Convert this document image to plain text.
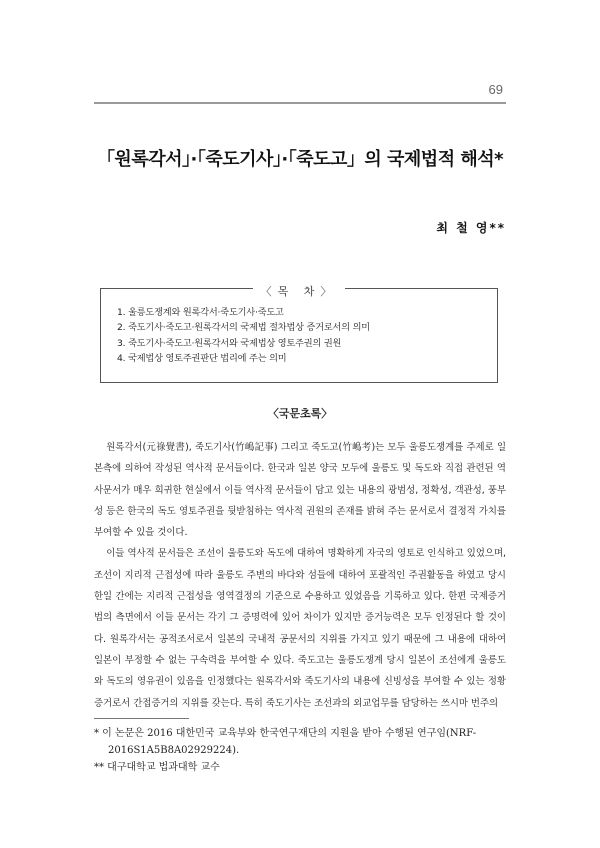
69
「원록각서」·「죽도기사」·「죽도고」의 국제법적 해석*
최 철 영**
〈목 차〉
1. 울릉도쟁계와 원록각서·죽도기사·죽도고
2. 죽도기사·죽도고·원록각서의 국제법 절차법상 증거로서의 의미
3. 죽도기사·죽도고·원록각서와 국제법상 영토주권의 권원
4. 국제법상 영토주권판단 법리에 주는 의미
〈국문초록〉

원록각서(元祿覺書), 죽도기사(竹嶋記事) 그리고 죽도고(竹嶋考)는 모두 울릉도쟁계를 주제로 일본측에 의하여 작성된 역사적 문서들이다. 한국과 일본 양국 모두에 울릉도 및 독도와 직접 관련된 역사문서가 매우 희귀한 현실에서 이들 역사적 문서들이 담고 있는 내용의 광범성, 정확성, 객관성, 풍부성 등은 한국의 독도 영토주권을 뒷받침하는 역사적 권원의 존재를 밝혀 주는 문서로서 결정적 가치를 부여할 수 있을 것이다.

이들 역사적 문서들은 조선이 울릉도와 독도에 대하여 명확하게 자국의 영토로 인식하고 있었으며, 조선이 지리적 근접성에 따라 울릉도 주변의 바다와 섬들에 대하여 포괄적인 주권활동을 하였고 당시 한일 간에는 지리적 근접성을 영역결정의 기준으로 수용하고 있었음을 기록하고 있다. 한편 국제증거법의 측면에서 이들 문서는 각기 그 증명력에 있어 차이가 있지만 증거능력은 모두 인정된다 할 것이다. 원록각서는 공적조서로서 일본의 국내적 공문서의 지위를 가지고 있기 때문에 그 내용에 대하여 일본이 부정할 수 없는 구속력을 부여할 수 있다. 죽도고는 울릉도쟁계 당시 일본이 조선에게 울릉도와 독도의 영유권이 있음을 인정했다는 원록각서와 죽도기사의 내용에 신빙성을 부여할 수 있는 정황증거로서 간접증거의 지위를 갖는다. 특히 죽도기사는 조선과의 외교업무를 담당하는 쓰시마 번주의

* 이 논문은 2016 대한민국 교육부와 한국연구재단의 지원을 받아 수행된 연구임(NRF-2016S1A5B8A02929224).
** 대구대학교 법과대학 교수
